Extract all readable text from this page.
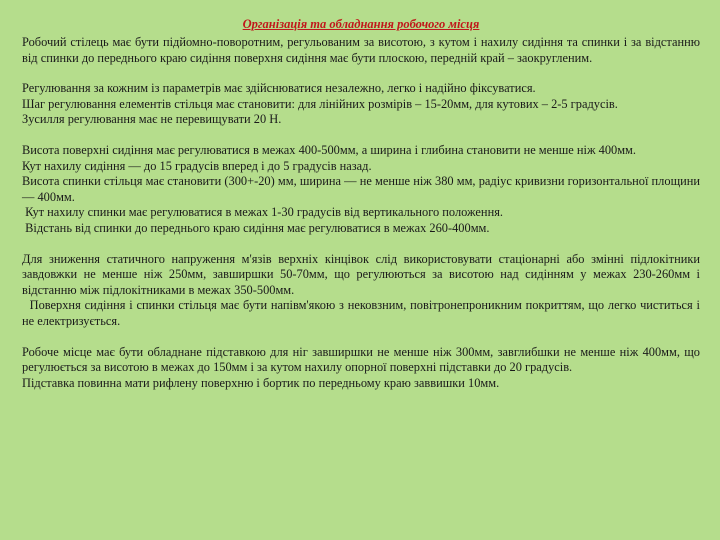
Організація та обладнання робочого місця

Робочий стілець має бути підйомно-поворотним, регульованим за висотою, з кутом і нахилу сидіння та спинки і за відстанню від спинки до переднього краю сидіння поверхня сидіння має бути плоскою, передній край – заокругленим.

Регулювання за кожним із параметрів має здійснюватися незалежно, легко і надійно фіксуватися.

Шаг регулювання елементів стільця має становити: для лінійних розмірів – 15-20мм, для кутових – 2-5 градусів.

Зусилля регулювання має не перевищувати 20 Н.

Висота поверхні сидіння має регулюватися в межах 400-500мм, а ширина і глибина становити не менше ніж 400мм.

Кут нахилу сидіння — до 15 градусів вперед і до 5 градусів назад.

Висота спинки стільця має становити (300+-20) мм, ширина — не менше ніж 380 мм, радіус кривизни горизонтальної площини — 400мм.

Кут нахилу спинки має регулюватися в межах 1-30 градусів від вертикального положення.

Відстань від спинки до переднього краю сидіння має регулюватися в межах 260-400мм.

Для зниження статичного напруження м'язів верхніх кінцівок слід використовувати стаціонарні або змінні підлокітники завдовжки не менше ніж 250мм, завширшки 50-70мм, що регулюються за висотою над сидінням у межах 230-260мм і відстанню між підлокітниками в межах 350-500мм.

Поверхня сидіння і спинки стільця має бути напівм'якою з нековзним, повітронепроникним покриттям, що легко чиститься і не електризується.

Робоче місце має бути обладнане підставкою для ніг завширшки не менше ніж 300мм, завглибшки не менше ніж 400мм, що регулюється за висотою в межах до 150мм і за кутом нахилу опорної поверхні підставки до 20 градусів.

Підставка повинна мати рифлену поверхню і бортик по передньому краю заввишки 10мм.
